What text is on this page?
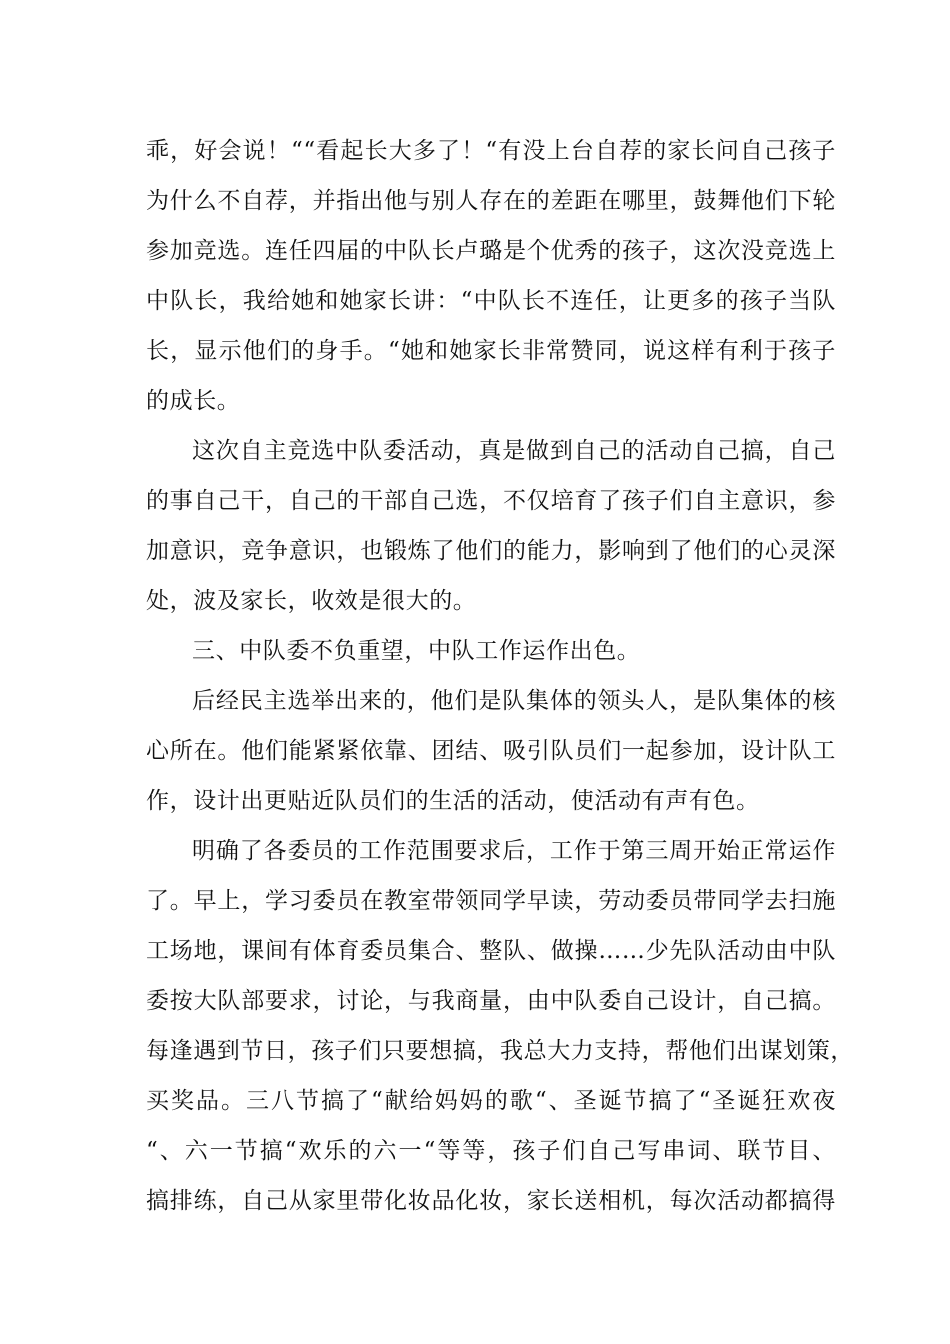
乖，好会说！““看起长大多了！“有没上台自荐的家长问自己孩子

为什么不自荐，并指出他与别人存在的差距在哪里，鼓舞他们下轮

参加竞选。连任四届的中队长卢璐是个优秀的孩子，这次没竞选上

中队长，我给她和她家长讲：“中队长不连任，让更多的孩子当队

长，显示他们的身手。“她和她家长非常赞同，说这样有利于孩子

的成长。

这次自主竞选中队委活动，真是做到自己的活动自己搞，自己

的事自己干，自己的干部自己选，不仅培育了孩子们自主意识，参

加意识，竞争意识，也锻炼了他们的能力，影响到了他们的心灵深

处，波及家长，收效是很大的。

三、中队委不负重望，中队工作运作出色。

后经民主选举出来的，他们是队集体的领头人，是队集体的核

心所在。他们能紧紧依靠、团结、吸引队员们一起参加，设计队工

作，设计出更贴近队员们的生活的活动，使活动有声有色。

明确了各委员的工作范围要求后，工作于第三周开始正常运作

了。早上，学习委员在教室带领同学早读，劳动委员带同学去扫施

工场地，课间有体育委员集合、整队、做操……少先队活动由中队

委按大队部要求，讨论，与我商量，由中队委自己设计，自己搞。

每逢遇到节日，孩子们只要想搞，我总大力支持，帮他们出谋划策，

买奖品。三八节搞了“献给妈妈的歌“、圣诞节搞了“圣诞狂欢夜

“、六一节搞“欢乐的六一“等等，孩子们自己写串词、联节目、

搞排练，自己从家里带化妆品化妆，家长送相机，每次活动都搞得
